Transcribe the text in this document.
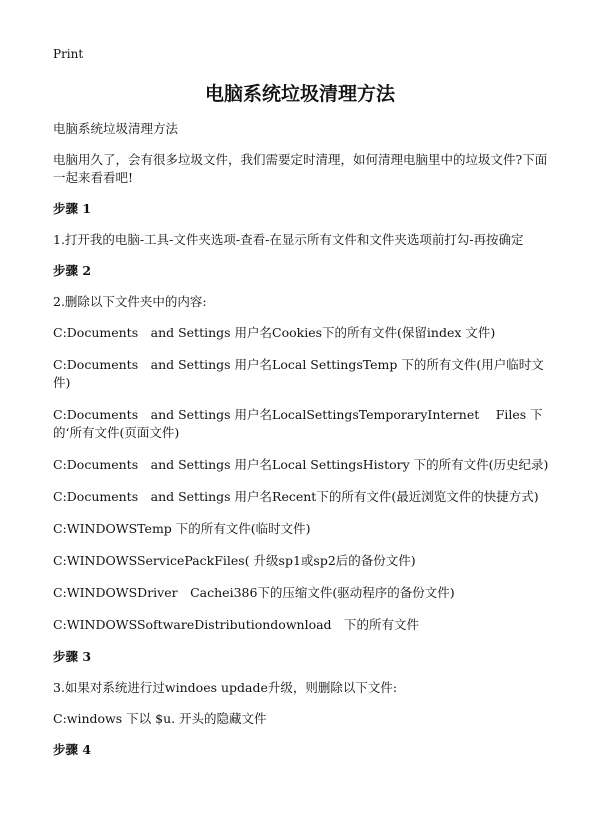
Print
电脑系统垃圾清理方法

电脑系统垃圾清理方法

电脑用久了，会有很多垃圾文件，我们需要定时清理，如何清理电脑里中的垃圾文件?下面一起来看看吧!

步骤 1

1.打开我的电脑-工具-文件夹选项-查看-在显示所有文件和文件夹选项前打勾-再按确定

步骤 2

2.删除以下文件夹中的内容:

C:Documents　and Settings 用户名Cookies下的所有文件(保留index 文件)

C:Documents　and Settings 用户名Local SettingsTemp 下的所有文件(用户临时文件)

C:Documents　and Settings 用户名LocalSettingsTemporaryInternet　 Files 下的‘所有文件(页面文件)

C:Documents　and Settings 用户名Local SettingsHistory 下的所有文件(历史纪录)

C:Documents　and Settings 用户名Recent下的所有文件(最近浏览文件的快捷方式)

C:WINDOWSTemp 下的所有文件(临时文件)

C:WINDOWSServicePackFiles( 升级sp1或sp2后的备份文件)

C:WINDOWSDriver　Cachei386下的压缩文件(驱动程序的备份文件)

C:WINDOWSSoftwareDistributiondownload　下的所有文件

步骤 3

3.如果对系统进行过windoes updade升级，则删除以下文件:

C:windows 下以 $u. 开头的隐藏文件

步骤 4
